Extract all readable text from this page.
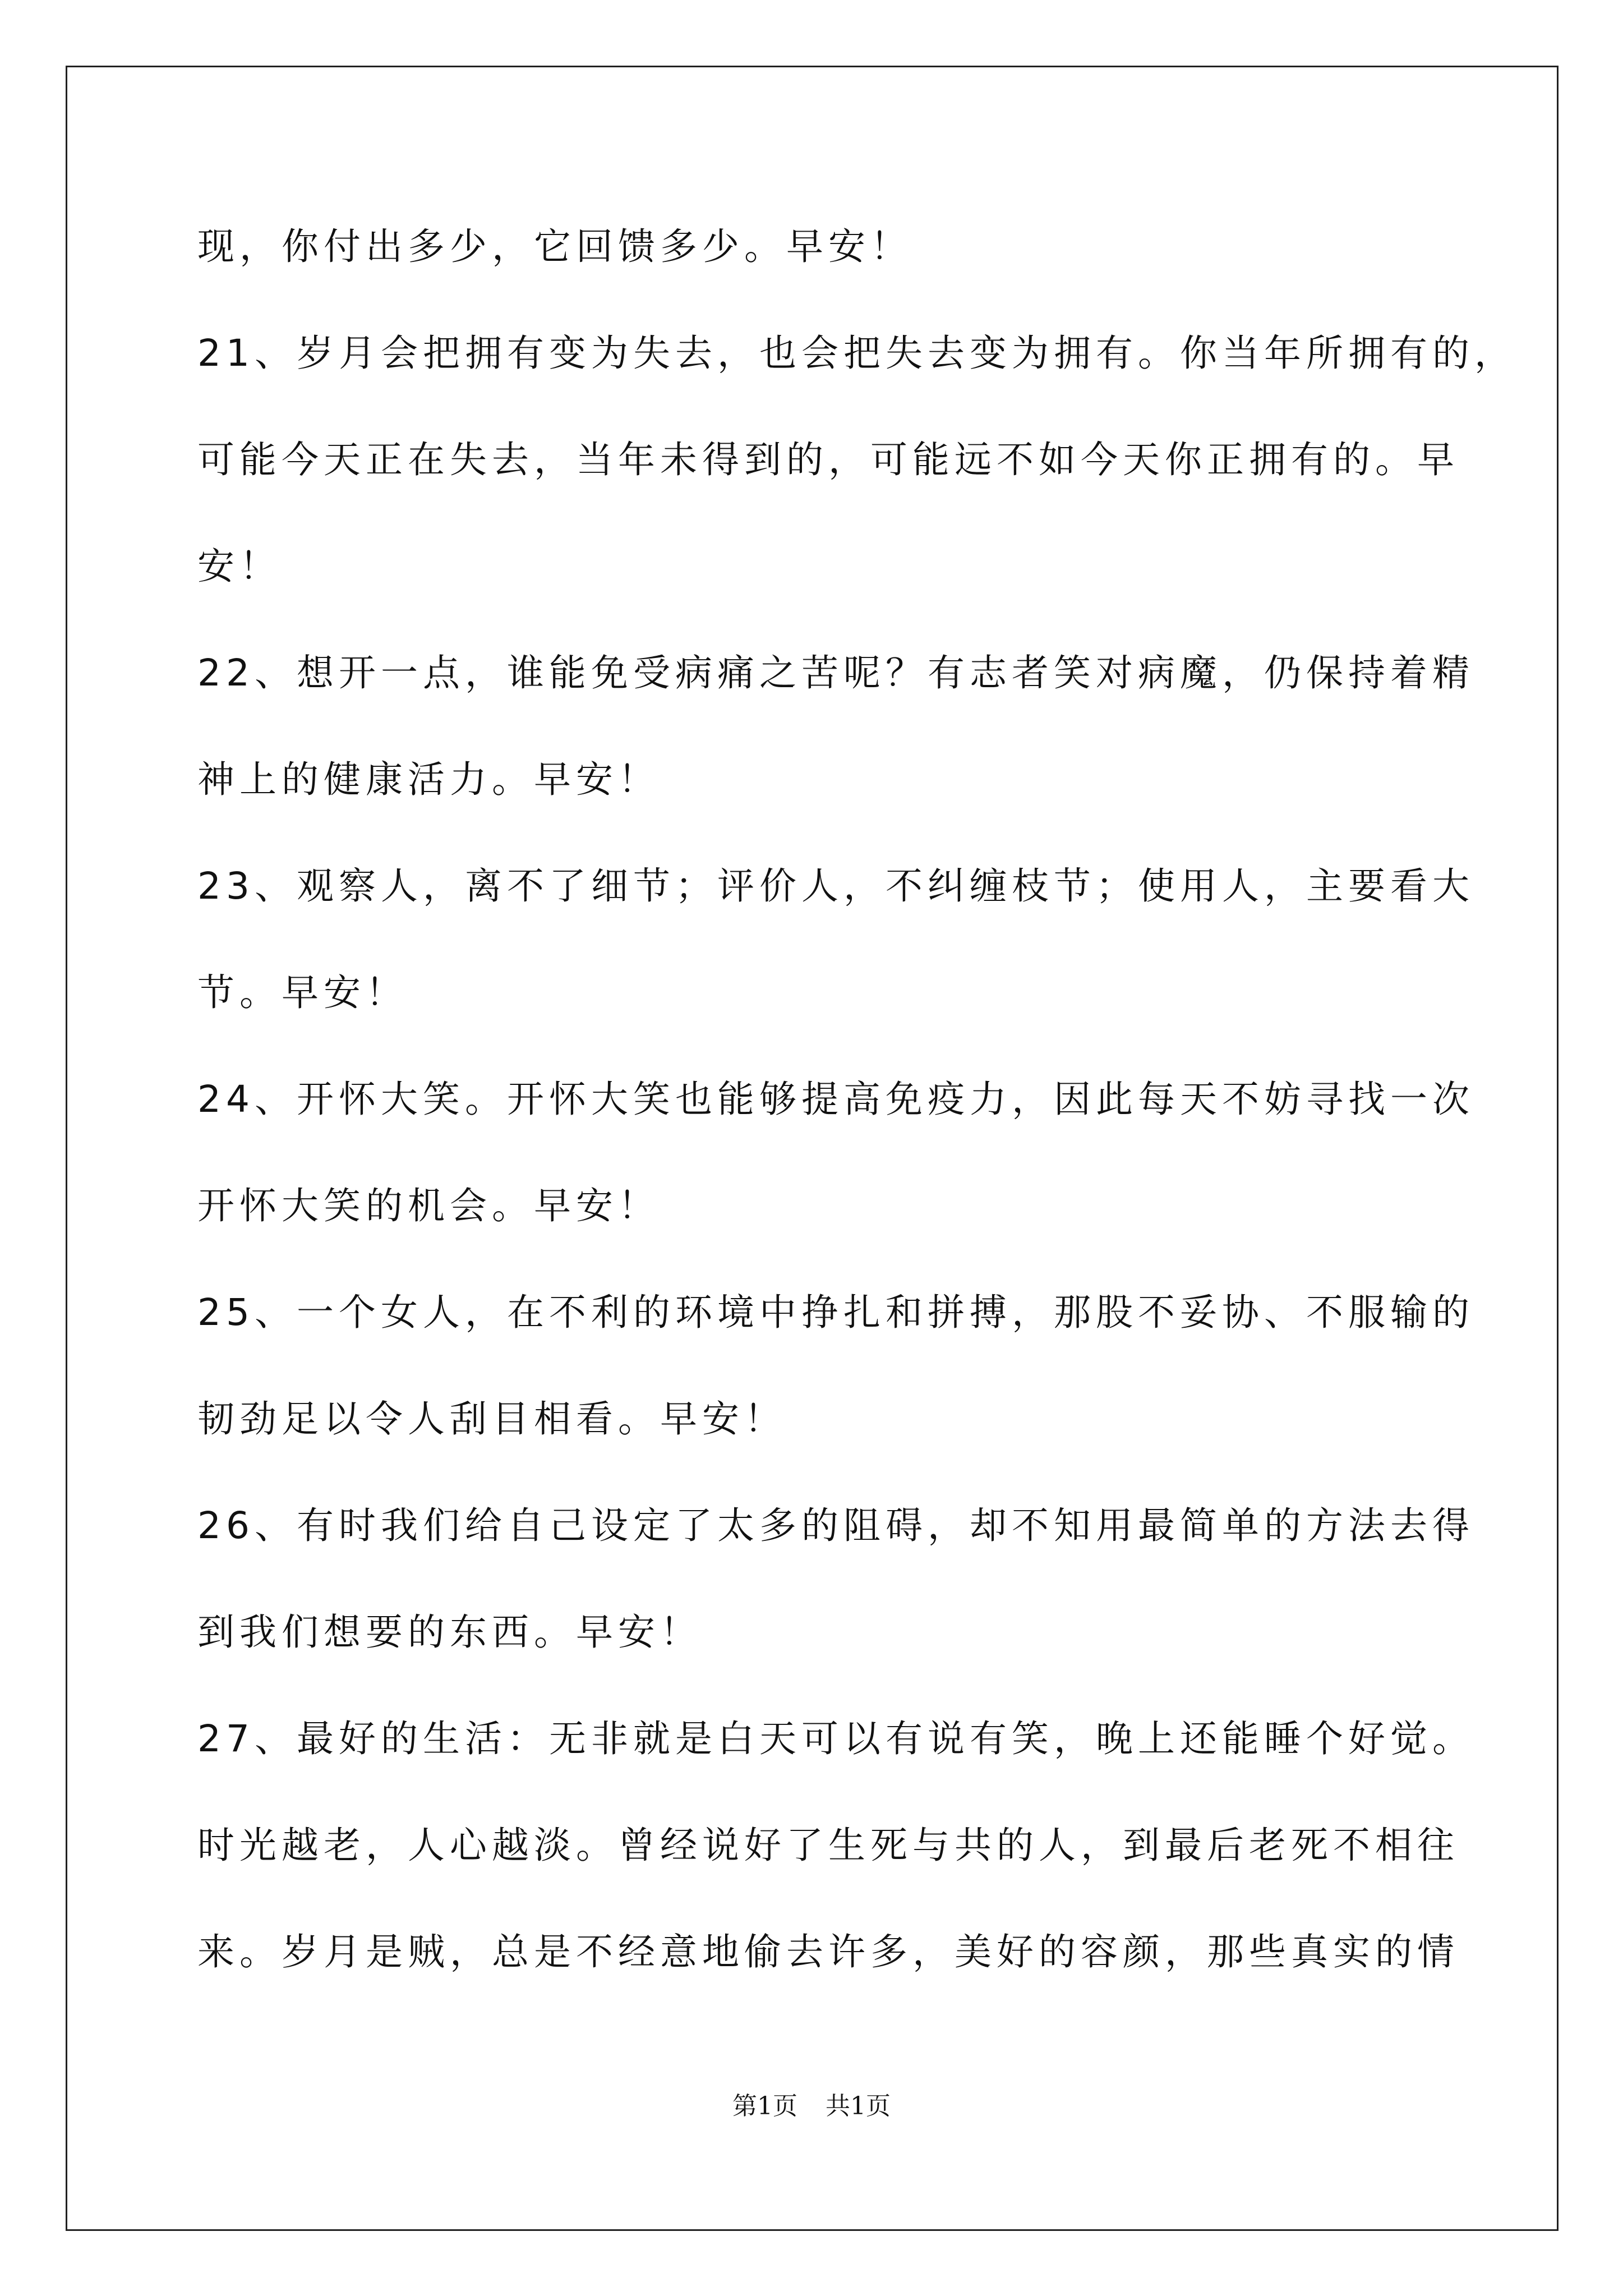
现，你付出多少，它回馈多少。早安！
21、岁月会把拥有变为失去，也会把失去变为拥有。你当年所拥有的，
可能今天正在失去，当年未得到的，可能远不如今天你正拥有的。早
安！
22、想开一点，谁能免受病痛之苦呢？有志者笑对病魔，仍保持着精
神上的健康活力。早安！
23、观察人，离不了细节；评价人，不纠缠枝节；使用人，主要看大
节。早安！
24、开怀大笑。开怀大笑也能够提高免疫力，因此每天不妨寻找一次
开怀大笑的机会。早安！
25、一个女人，在不利的环境中挣扎和拼搏，那股不妥协、不服输的
韧劲足以令人刮目相看。早安！
26、有时我们给自己设定了太多的阻碍，却不知用最简单的方法去得
到我们想要的东西。早安！
27、最好的生活：无非就是白天可以有说有笑，晚上还能睡个好觉。
时光越老，人心越淡。曾经说好了生死与共的人，到最后老死不相往
来。岁月是贼，总是不经意地偷去许多，美好的容颜，那些真实的情
第1页 共1页
